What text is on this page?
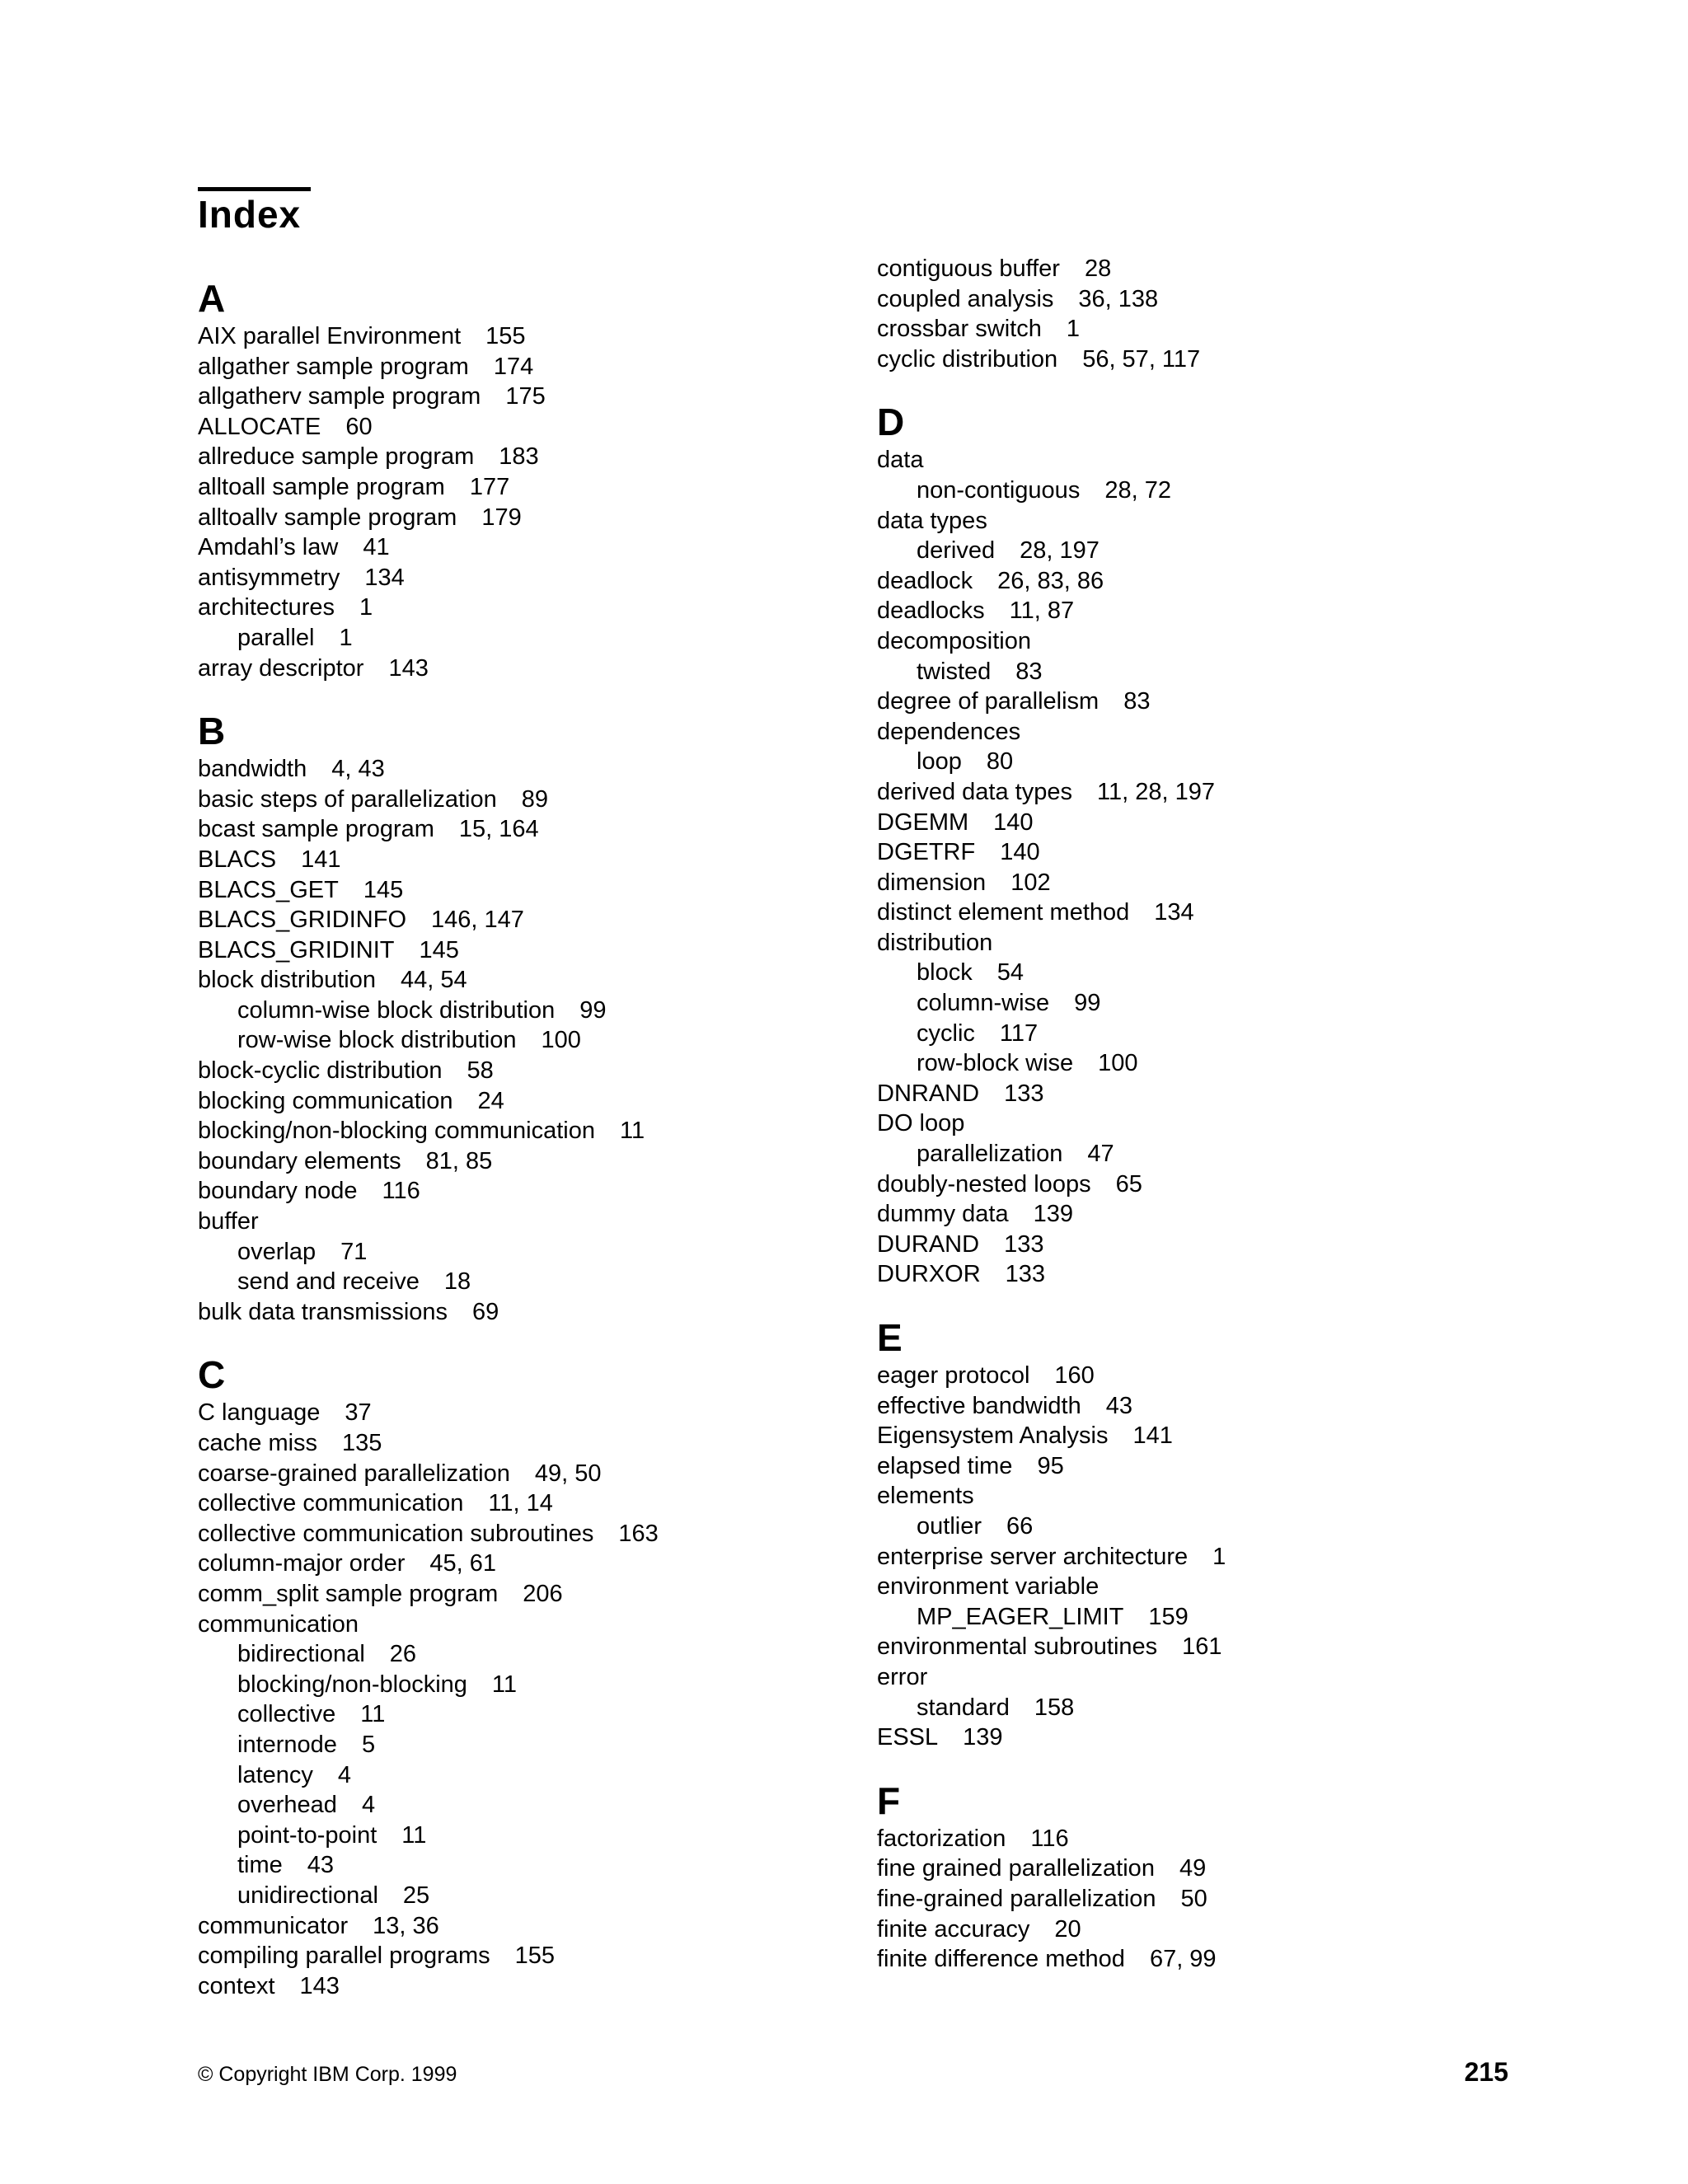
Index
A
AIX parallel Environment 155
allgather sample program 174
allgatherv sample program 175
ALLOCATE 60
allreduce sample program 183
alltoall sample program 177
alltoallv sample program 179
Amdahl’s law 41
antisymmetry 134
architectures 1
parallel 1
array descriptor 143
B
bandwidth 4, 43
basic steps of parallelization 89
bcast sample program 15, 164
BLACS 141
BLACS_GET 145
BLACS_GRIDINFO 146, 147
BLACS_GRIDINIT 145
block distribution 44, 54
column-wise block distribution 99
row-wise block distribution 100
block-cyclic distribution 58
blocking communication 24
blocking/non-blocking communication 11
boundary elements 81, 85
boundary node 116
buffer
overlap 71
send and receive 18
bulk data transmissions 69
C
C language 37
cache miss 135
coarse-grained parallelization 49, 50
collective communication 11, 14
collective communication subroutines 163
column-major order 45, 61
comm_split sample program 206
communication
bidirectional 26
blocking/non-blocking 11
collective 11
internode 5
latency 4
overhead 4
point-to-point 11
time 43
unidirectional 25
communicator 13, 36
compiling parallel programs 155
context 143
contiguous buffer 28
coupled analysis 36, 138
crossbar switch 1
cyclic distribution 56, 57, 117
D
data
non-contiguous 28, 72
data types
derived 28, 197
deadlock 26, 83, 86
deadlocks 11, 87
decomposition
twisted 83
degree of parallelism 83
dependences
loop 80
derived data types 11, 28, 197
DGEMM 140
DGETRF 140
dimension 102
distinct element method 134
distribution
block 54
column-wise 99
cyclic 117
row-block wise 100
DNRAND 133
DO loop
parallelization 47
doubly-nested loops 65
dummy data 139
DURAND 133
DURXOR 133
E
eager protocol 160
effective bandwidth 43
Eigensystem Analysis 141
elapsed time 95
elements
outlier 66
enterprise server architecture 1
environment variable
MP_EAGER_LIMIT 159
environmental subroutines 161
error
standard 158
ESSL 139
F
factorization 116
fine grained parallelization 49
fine-grained parallelization 50
finite accuracy 20
finite difference method 67, 99
© Copyright IBM Corp. 1999	215
